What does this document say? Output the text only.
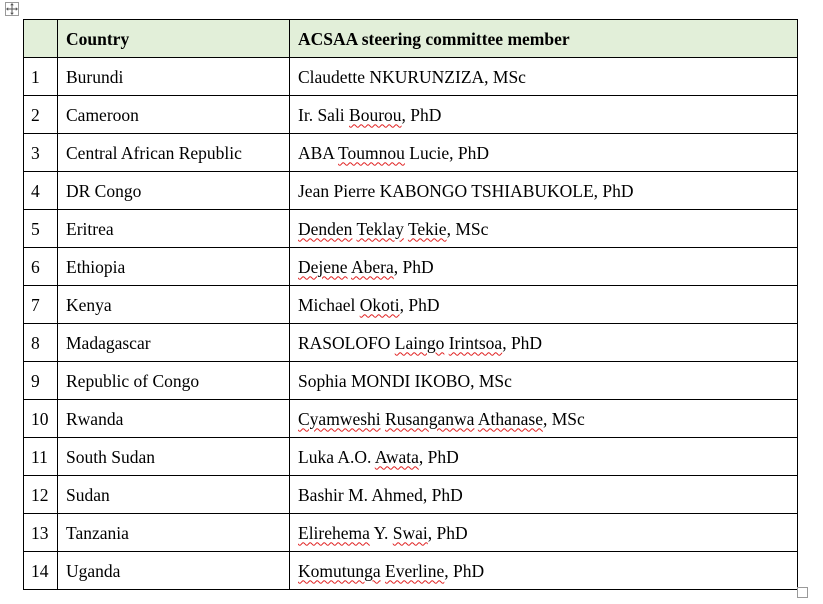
	Country	ACSAA steering committee member
1	Burundi	Claudette NKURUNZIZA, MSc
2	Cameroon	Ir. Sali Bourou, PhD
3	Central African Republic	ABA Toumnou Lucie, PhD
4	DR Congo	Jean Pierre KABONGO TSHIABUKOLE, PhD
5	Eritrea	Denden Teklay Tekie, MSc
6	Ethiopia	Dejene Abera, PhD
7	Kenya	Michael Okoti, PhD
8	Madagascar	RASOLOFO Laingo Irintsoa, PhD
9	Republic of Congo	Sophia MONDI IKOBO, MSc
10	Rwanda	Cyamweshi Rusanganwa Athanase, MSc
11	South Sudan	Luka A.O. Awata, PhD
12	Sudan	Bashir M. Ahmed, PhD
13	Tanzania	Elirehema Y. Swai, PhD
14	Uganda	Komutunga Everline, PhD
